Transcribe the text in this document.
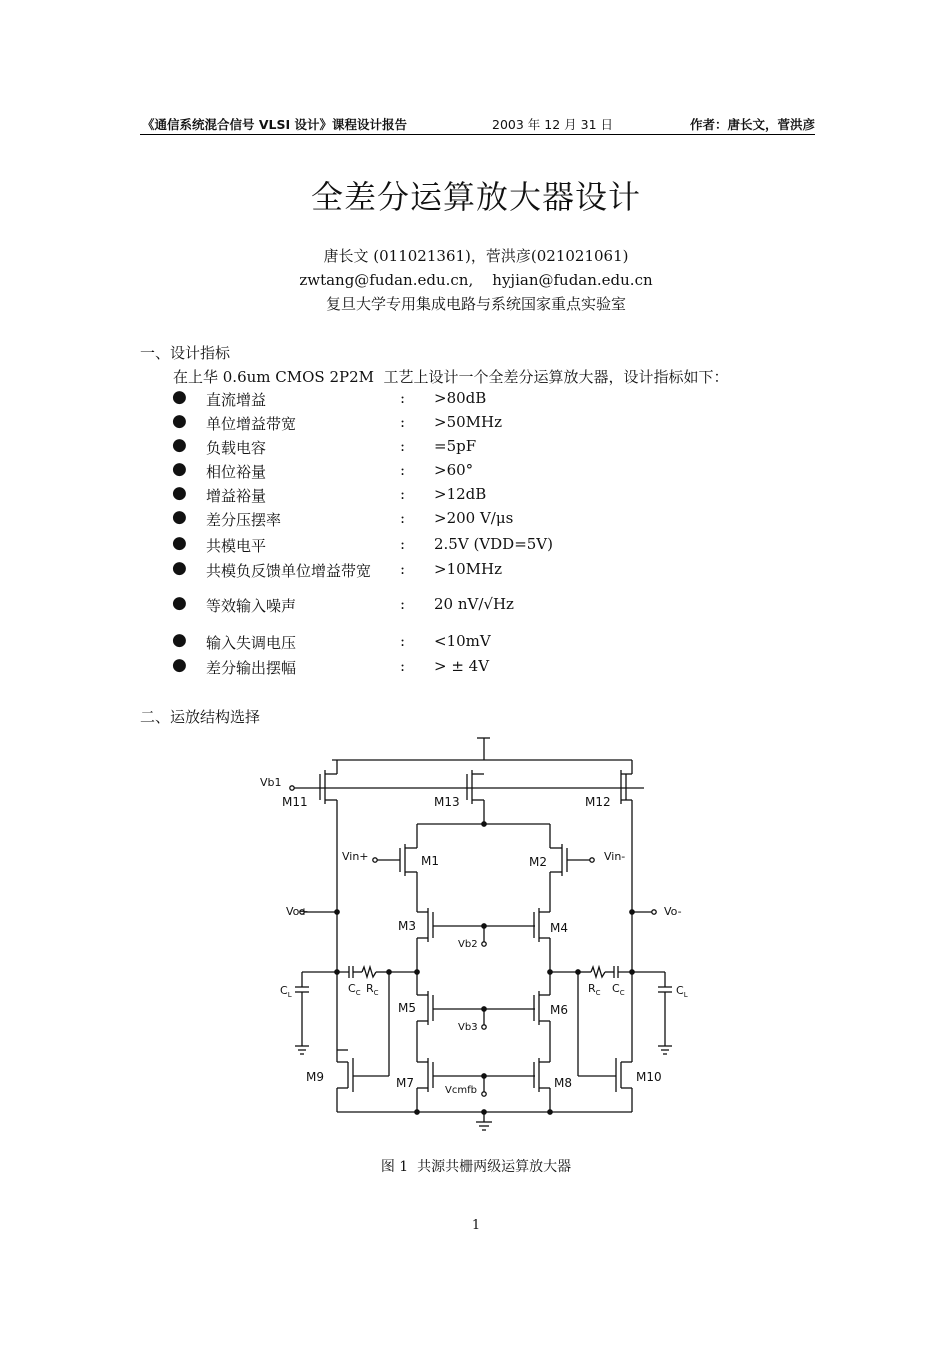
《通信系统混合信号 VLSI 设计》课程设计报告	2003 年 12 月 31 日	作者：唐长文，菅洪彦
全差分运算放大器设计
唐长文 (011021361)，菅洪彦(021021061)
zwtang@fudan.edu.cn,    hyjian@fudan.edu.cn
复旦大学专用集成电路与系统国家重点实验室
一、设计指标
在上华 0.6um CMOS 2P2M  工艺上设计一个全差分运算放大器，设计指标如下：
● 直流增益	: >80dB
● 单位增益带宽	: >50MHz
● 负载电容	: =5pF
● 相位裕量	: >60°
● 增益裕量	: >12dB
● 差分压摆率	: >200 V/μs
● 共模电平	: 2.5V (VDD=5V)
● 共模负反馈单位增益带宽 : >10MHz
● 等效输入噪声	: 20 nV/√Hz
● 输入失调电压	: <10mV
● 差分输出摆幅	: > ± 4V
二、运放结构选择
Vb1
M11	M13	M12
Vin+	M1	M2	Vin-
Vo+	Vo-
M3	M4
Vb2
$C_L$	$C_C$ $R_C$	$R_C$ $C_C$	$C_L$
M5	M6
Vb3
M9	M7
Vcmfb
M8	M10
图 1  共源共栅两级运算放大器
1
